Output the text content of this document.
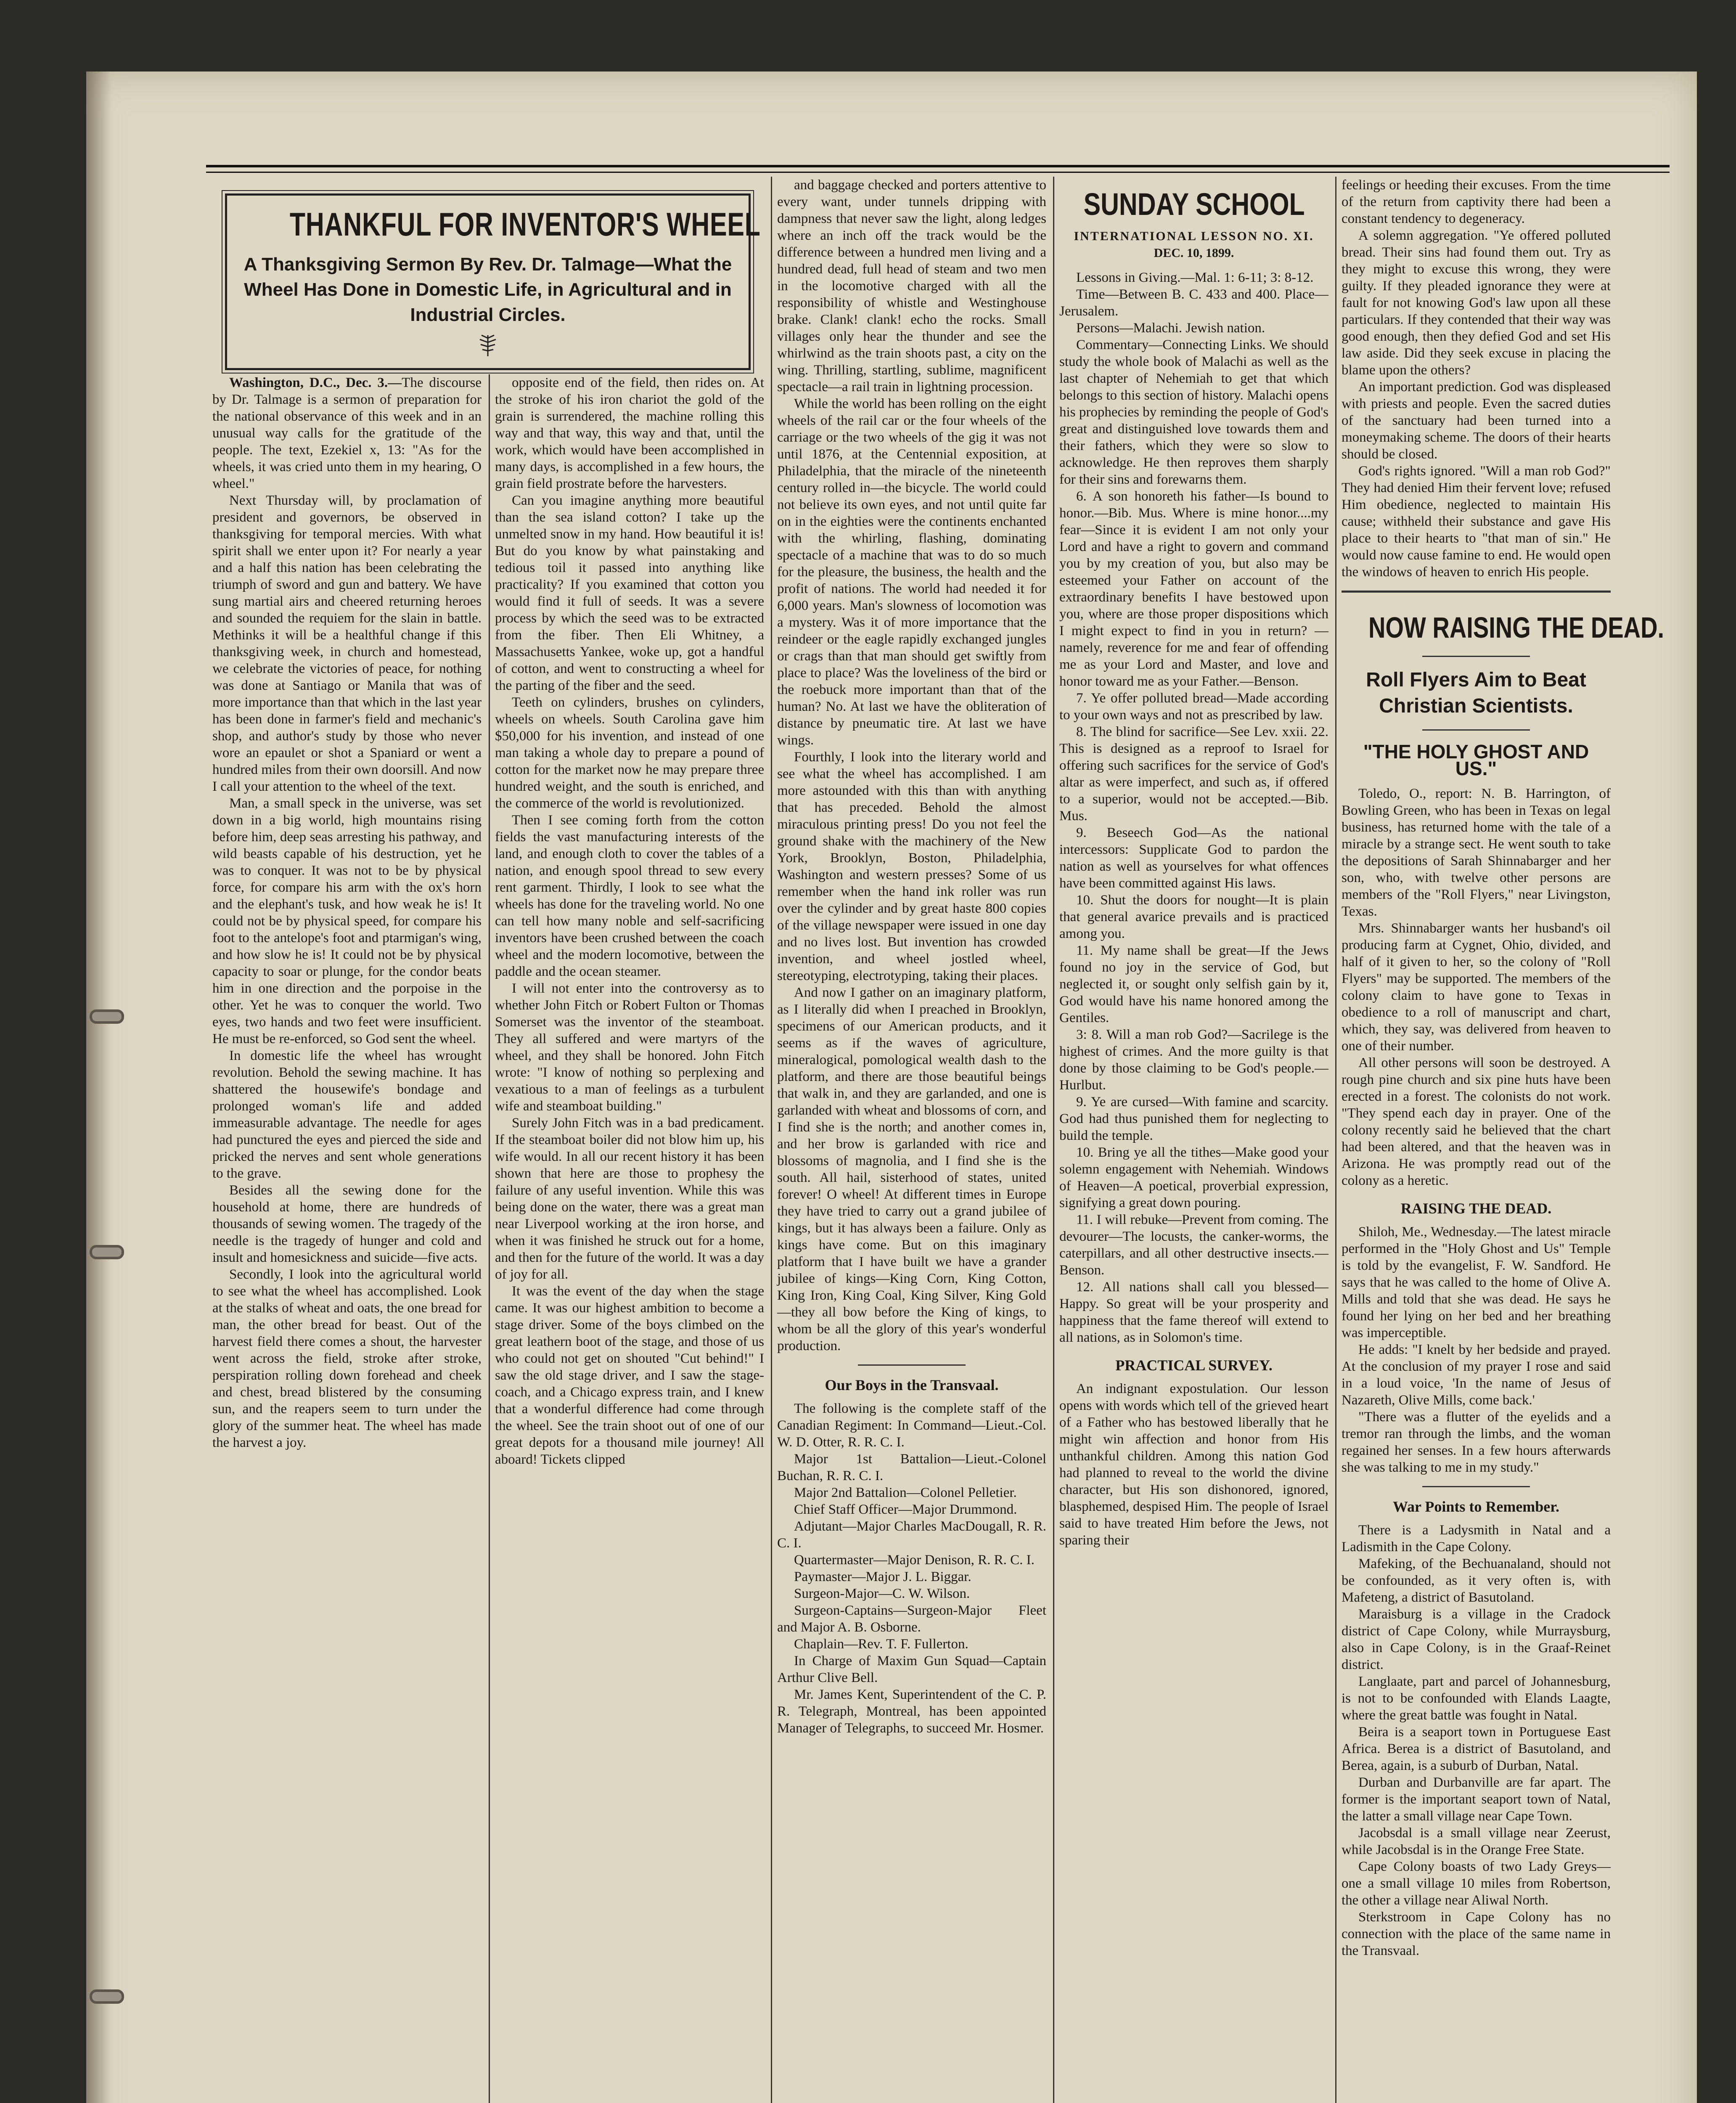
THANKFUL FOR INVENTOR'S WHEEL
A Thanksgiving Sermon By Rev. Dr. Talmage—What the Wheel Has Done in Domestic Life, in Agricultural and in Industrial Circles.

Washington, D.C., Dec. 3.—The discourse by Dr. Talmage is a sermon of preparation for the national observance of this week and in an unusual way calls for the gratitude of the people. The text, Ezekiel x, 13: "As for the wheels, it was cried unto them in my hearing, O wheel."

Next Thursday will, by proclamation of president and governors, be observed in thanksgiving for temporal mercies. With what spirit shall we enter upon it? For nearly a year and a half this nation has been celebrating the triumph of sword and gun and battery. We have sung martial airs and cheered returning heroes and sounded the requiem for the slain in battle. Methinks it will be a healthful change if this thanksgiving week, in church and homestead, we celebrate the victories of peace, for nothing was done at Santiago or Manila that was of more importance than that which in the last year has been done in farmer's field and mechanic's shop, and author's study by those who never wore an epaulet or shot a Spaniard or went a hundred miles from their own doorsill. And now I call your attention to the wheel of the text.

Man, a small speck in the universe, was set down in a big world, high mountains rising before him, deep seas arresting his pathway, and wild beasts capable of his destruction, yet he was to conquer. It was not to be by physical force, for compare his arm with the ox's horn and the elephant's tusk, and how weak he is! It could not be by physical speed, for compare his foot to the antelope's foot and ptarmigan's wing, and how slow he is! It could not be by physical capacity to soar or plunge, for the condor beats him in one direction and the porpoise in the other. Yet he was to conquer the world. Two eyes, two hands and two feet were insufficient. He must be re-enforced, so God sent the wheel.

In domestic life the wheel has wrought revolution. Behold the sewing machine. It has shattered the housewife's bondage and prolonged woman's life and added immeasurable advantage. The needle for ages had punctured the eyes and pierced the side and pricked the nerves and sent whole generations to the grave.

Besides all the sewing done for the household at home, there are hundreds of thousands of sewing women. The tragedy of the needle is the tragedy of hunger and cold and insult and homesickness and suicide—five acts.

Secondly, I look into the agricultural world to see what the wheel has accomplished. Look at the stalks of wheat and oats, the one bread for man, the other bread for beast. Out of the harvest field there comes a shout, the harvester went across the field, stroke after stroke, perspiration rolling down forehead and cheek and chest, bread blistered by the consuming sun, and the reapers seem to turn under the glory of the summer heat. The wheel has made the harvest a joy.

opposite end of the field, then rides on. At the stroke of his iron chariot the gold of the grain is surrendered, the machine rolling this way and that way, this way and that, until the work, which would have been accomplished in many days, is accomplished in a few hours, the grain field prostrate before the harvesters.

Can you imagine anything more beautiful than the sea island cotton? I take up the unmelted snow in my hand. How beautiful it is! But do you know by what painstaking and tedious toil it passed into anything like practicality? If you examined that cotton you would find it full of seeds. It was a severe process by which the seed was to be extracted from the fiber. Then Eli Whitney, a Massachusetts Yankee, woke up, got a handful of cotton, and went to constructing a wheel for the parting of the fiber and the seed.

Teeth on cylinders, brushes on cylinders, wheels on wheels. South Carolina gave him $50,000 for his invention, and instead of one man taking a whole day to prepare a pound of cotton for the market now he may prepare three hundred weight, and the south is enriched, and the commerce of the world is revolutionized.

Then I see coming forth from the cotton fields the vast manufacturing interests of the land, and enough cloth to cover the tables of a nation, and enough spool thread to sew every rent garment. Thirdly, I look to see what the wheels has done for the traveling world. No one can tell how many noble and self-sacrificing inventors have been crushed between the coach wheel and the modern locomotive, between the paddle and the ocean steamer.

I will not enter into the controversy as to whether John Fitch or Robert Fulton or Thomas Somerset was the inventor of the steamboat. They all suffered and were martyrs of the wheel, and they shall be honored. John Fitch wrote: "I know of nothing so perplexing and vexatious to a man of feelings as a turbulent wife and steamboat building."

Surely John Fitch was in a bad predicament. If the steamboat boiler did not blow him up, his wife would. In all our recent history it has been shown that here are those to prophesy the failure of any useful invention. While this was being done on the water, there was a great man near Liverpool working at the iron horse, and when it was finished he struck out for a home, and then for the future of the world. It was a day of joy for all.

It was the event of the day when the stage came. It was our highest ambition to become a stage driver. Some of the boys climbed on the great leathern boot of the stage, and those of us who could not get on shouted "Cut behind!" I saw the old stage driver, and I saw the stage-coach, and a Chicago express train, and I knew that a wonderful difference had come through the wheel. See the train shoot out of one of our great depots for a thousand mile journey! All aboard! Tickets clipped

and baggage checked and porters attentive to every want, under tunnels dripping with dampness that never saw the light, along ledges where an inch off the track would be the difference between a hundred men living and a hundred dead, full head of steam and two men in the locomotive charged with all the responsibility of whistle and Westinghouse brake. Clank! clank! echo the rocks. Small villages only hear the thunder and see the whirlwind as the train shoots past, a city on the wing. Thrilling, startling, sublime, magnificent spectacle—a rail train in lightning procession.

While the world has been rolling on the eight wheels of the rail car or the four wheels of the carriage or the two wheels of the gig it was not until 1876, at the Centennial exposition, at Philadelphia, that the miracle of the nineteenth century rolled in—the bicycle. The world could not believe its own eyes, and not until quite far on in the eighties were the continents enchanted with the whirling, flashing, dominating spectacle of a machine that was to do so much for the pleasure, the business, the health and the profit of nations. The world had needed it for 6,000 years. Man's slowness of locomotion was a mystery. Was it of more importance that the reindeer or the eagle rapidly exchanged jungles or crags than that man should get swiftly from place to place? Was the loveliness of the bird or the roebuck more important than that of the human? No. At last we have the obliteration of distance by pneumatic tire. At last we have wings.

Fourthly, I look into the literary world and see what the wheel has accomplished. I am more astounded with this than with anything that has preceded. Behold the almost miraculous printing press! Do you not feel the ground shake with the machinery of the New York, Brooklyn, Boston, Philadelphia, Washington and western presses? Some of us remember when the hand ink roller was run over the cylinder and by great haste 800 copies of the village newspaper were issued in one day and no lives lost. But invention has crowded invention, and wheel jostled wheel, stereotyping, electrotyping, taking their places.

And now I gather on an imaginary platform, as I literally did when I preached in Brooklyn, specimens of our American products, and it seems as if the waves of agriculture, mineralogical, pomological wealth dash to the platform, and there are those beautiful beings that walk in, and they are garlanded, and one is garlanded with wheat and blossoms of corn, and I find she is the north; and another comes in, and her brow is garlanded with rice and blossoms of magnolia, and I find she is the south. All hail, sisterhood of states, united forever! O wheel! At different times in Europe they have tried to carry out a grand jubilee of kings, but it has always been a failure. Only as kings have come. But on this imaginary platform that I have built we have a grander jubilee of kings—King Corn, King Cotton, King Iron, King Coal, King Silver, King Gold—they all bow before the King of kings, to whom be all the glory of this year's wonderful production.

Our Boys in the Transvaal.

The following is the complete staff of the Canadian Regiment: In Command—Lieut.-Col. W. D. Otter, R. R. C. I.

Major 1st Battalion—Lieut.-Colonel Buchan, R. R. C. I.

Major 2nd Battalion—Colonel Pelletier.

Chief Staff Officer—Major Drummond.

Adjutant—Major Charles MacDougall, R. R. C. I.

Quartermaster—Major Denison, R. R. C. I.

Paymaster—Major J. L. Biggar.

Surgeon-Major—C. W. Wilson.

Surgeon-Captains—Surgeon-Major Fleet and Major A. B. Osborne.

Chaplain—Rev. T. F. Fullerton.

In Charge of Maxim Gun Squad—Captain Arthur Clive Bell.

Mr. James Kent, Superintendent of the C. P. R. Telegraph, Montreal, has been appointed Manager of Telegraphs, to succeed Mr. Hosmer.

SUNDAY SCHOOL
INTERNATIONAL LESSON NO. XI.
DEC. 10, 1899.

Lessons in Giving.—Mal. 1: 6-11; 3: 8-12.

Time—Between B. C. 433 and 400. Place—Jerusalem.

Persons—Malachi. Jewish nation.

Commentary—Connecting Links. We should study the whole book of Malachi as well as the last chapter of Nehemiah to get that which belongs to this section of history. Malachi opens his prophecies by reminding the people of God's great and distinguished love towards them and their fathers, which they were so slow to acknowledge. He then reproves them sharply for their sins and forewarns them.

6. A son honoreth his father—Is bound to honor.—Bib. Mus. Where is mine honor....my fear—Since it is evident I am not only your Lord and have a right to govern and command you by my creation of you, but also may be esteemed your Father on account of the extraordinary benefits I have bestowed upon you, where are those proper dispositions which I might expect to find in you in return? —namely, reverence for me and fear of offending me as your Lord and Master, and love and honor toward me as your Father.—Benson.

7. Ye offer polluted bread—Made according to your own ways and not as prescribed by law.

8. The blind for sacrifice—See Lev. xxii. 22. This is designed as a reproof to Israel for offering such sacrifices for the service of God's altar as were imperfect, and such as, if offered to a superior, would not be accepted.—Bib. Mus.

9. Beseech God—As the national intercessors: Supplicate God to pardon the nation as well as yourselves for what offences have been committed against His laws.

10. Shut the doors for nought—It is plain that general avarice prevails and is practiced among you.

11. My name shall be great—If the Jews found no joy in the service of God, but neglected it, or sought only selfish gain by it, God would have his name honored among the Gentiles.

3: 8. Will a man rob God?—Sacrilege is the highest of crimes. And the more guilty is that done by those claiming to be God's people.—Hurlbut.

9. Ye are cursed—With famine and scarcity. God had thus punished them for neglecting to build the temple.

10. Bring ye all the tithes—Make good your solemn engagement with Nehemiah. Windows of Heaven—A poetical, proverbial expression, signifying a great down pouring.

11. I will rebuke—Prevent from coming. The devourer—The locusts, the canker-worms, the caterpillars, and all other destructive insects.—Benson.

12. All nations shall call you blessed—Happy. So great will be your prosperity and happiness that the fame thereof will extend to all nations, as in Solomon's time.

PRACTICAL SURVEY.

An indignant expostulation. Our lesson opens with words which tell of the grieved heart of a Father who has bestowed liberally that he might win affection and honor from His unthankful children. Among this nation God had planned to reveal to the world the divine character, but His son dishonored, ignored, blasphemed, despised Him. The people of Israel said to have treated Him before the Jews, not sparing their

feelings or heeding their excuses. From the time of the return from captivity there had been a constant tendency to degeneracy.

A solemn aggregation. "Ye offered polluted bread. Their sins had found them out. Try as they might to excuse this wrong, they were guilty. If they pleaded ignorance they were at fault for not knowing God's law upon all these particulars. If they contended that their way was good enough, then they defied God and set His law aside. Did they seek excuse in placing the blame upon the others?

An important prediction. God was displeased with priests and people. Even the sacred duties of the sanctuary had been turned into a moneymaking scheme. The doors of their hearts should be closed.

God's rights ignored. "Will a man rob God?" They had denied Him their fervent love; refused Him obedience, neglected to maintain His cause; withheld their substance and gave His place to their hearts to "that man of sin." He would now cause famine to end. He would open the windows of heaven to enrich His people.

NOW RAISING THE DEAD.
Roll Flyers Aim to Beat Christian Scientists.
"THE HOLY GHOST AND US."

Toledo, O., report: N. B. Harrington, of Bowling Green, who has been in Texas on legal business, has returned home with the tale of a miracle by a strange sect. He went south to take the depositions of Sarah Shinnabarger and her son, who, with twelve other persons are members of the "Roll Flyers," near Livingston, Texas.

Mrs. Shinnabarger wants her husband's oil producing farm at Cygnet, Ohio, divided, and half of it given to her, so the colony of "Roll Flyers" may be supported. The members of the colony claim to have gone to Texas in obedience to a roll of manuscript and chart, which, they say, was delivered from heaven to one of their number.

All other persons will soon be destroyed. A rough pine church and six pine huts have been erected in a forest. The colonists do not work. "They spend each day in prayer. One of the colony recently said he believed that the chart had been altered, and that the heaven was in Arizona. He was promptly read out of the colony as a heretic.

RAISING THE DEAD.

Shiloh, Me., Wednesday.—The latest miracle performed in the "Holy Ghost and Us" Temple is told by the evangelist, F. W. Sandford. He says that he was called to the home of Olive A. Mills and told that she was dead. He says he found her lying on her bed and her breathing was imperceptible.

He adds: "I knelt by her bedside and prayed. At the conclusion of my prayer I rose and said in a loud voice, 'In the name of Jesus of Nazareth, Olive Mills, come back.'

"There was a flutter of the eyelids and a tremor ran through the limbs, and the woman regained her senses. In a few hours afterwards she was talking to me in my study."

War Points to Remember.

There is a Ladysmith in Natal and a Ladismith in the Cape Colony.

Mafeking, of the Bechuanaland, should not be confounded, as it very often is, with Mafeteng, a district of Basutoland.

Maraisburg is a village in the Cradock district of Cape Colony, while Murraysburg, also in Cape Colony, is in the Graaf-Reinet district.

Langlaate, part and parcel of Johannesburg, is not to be confounded with Elands Laagte, where the great battle was fought in Natal.

Beira is a seaport town in Portuguese East Africa. Berea is a district of Basutoland, and Berea, again, is a suburb of Durban, Natal.

Durban and Durbanville are far apart. The former is the important seaport town of Natal, the latter a small village near Cape Town.

Jacobsdal is a small village near Zeerust, while Jacobsdal is in the Orange Free State.

Cape Colony boasts of two Lady Greys—one a small village 10 miles from Robertson, the other a village near Aliwal North.

Sterkstroom in Cape Colony has no connection with the place of the same name in the Transvaal.
